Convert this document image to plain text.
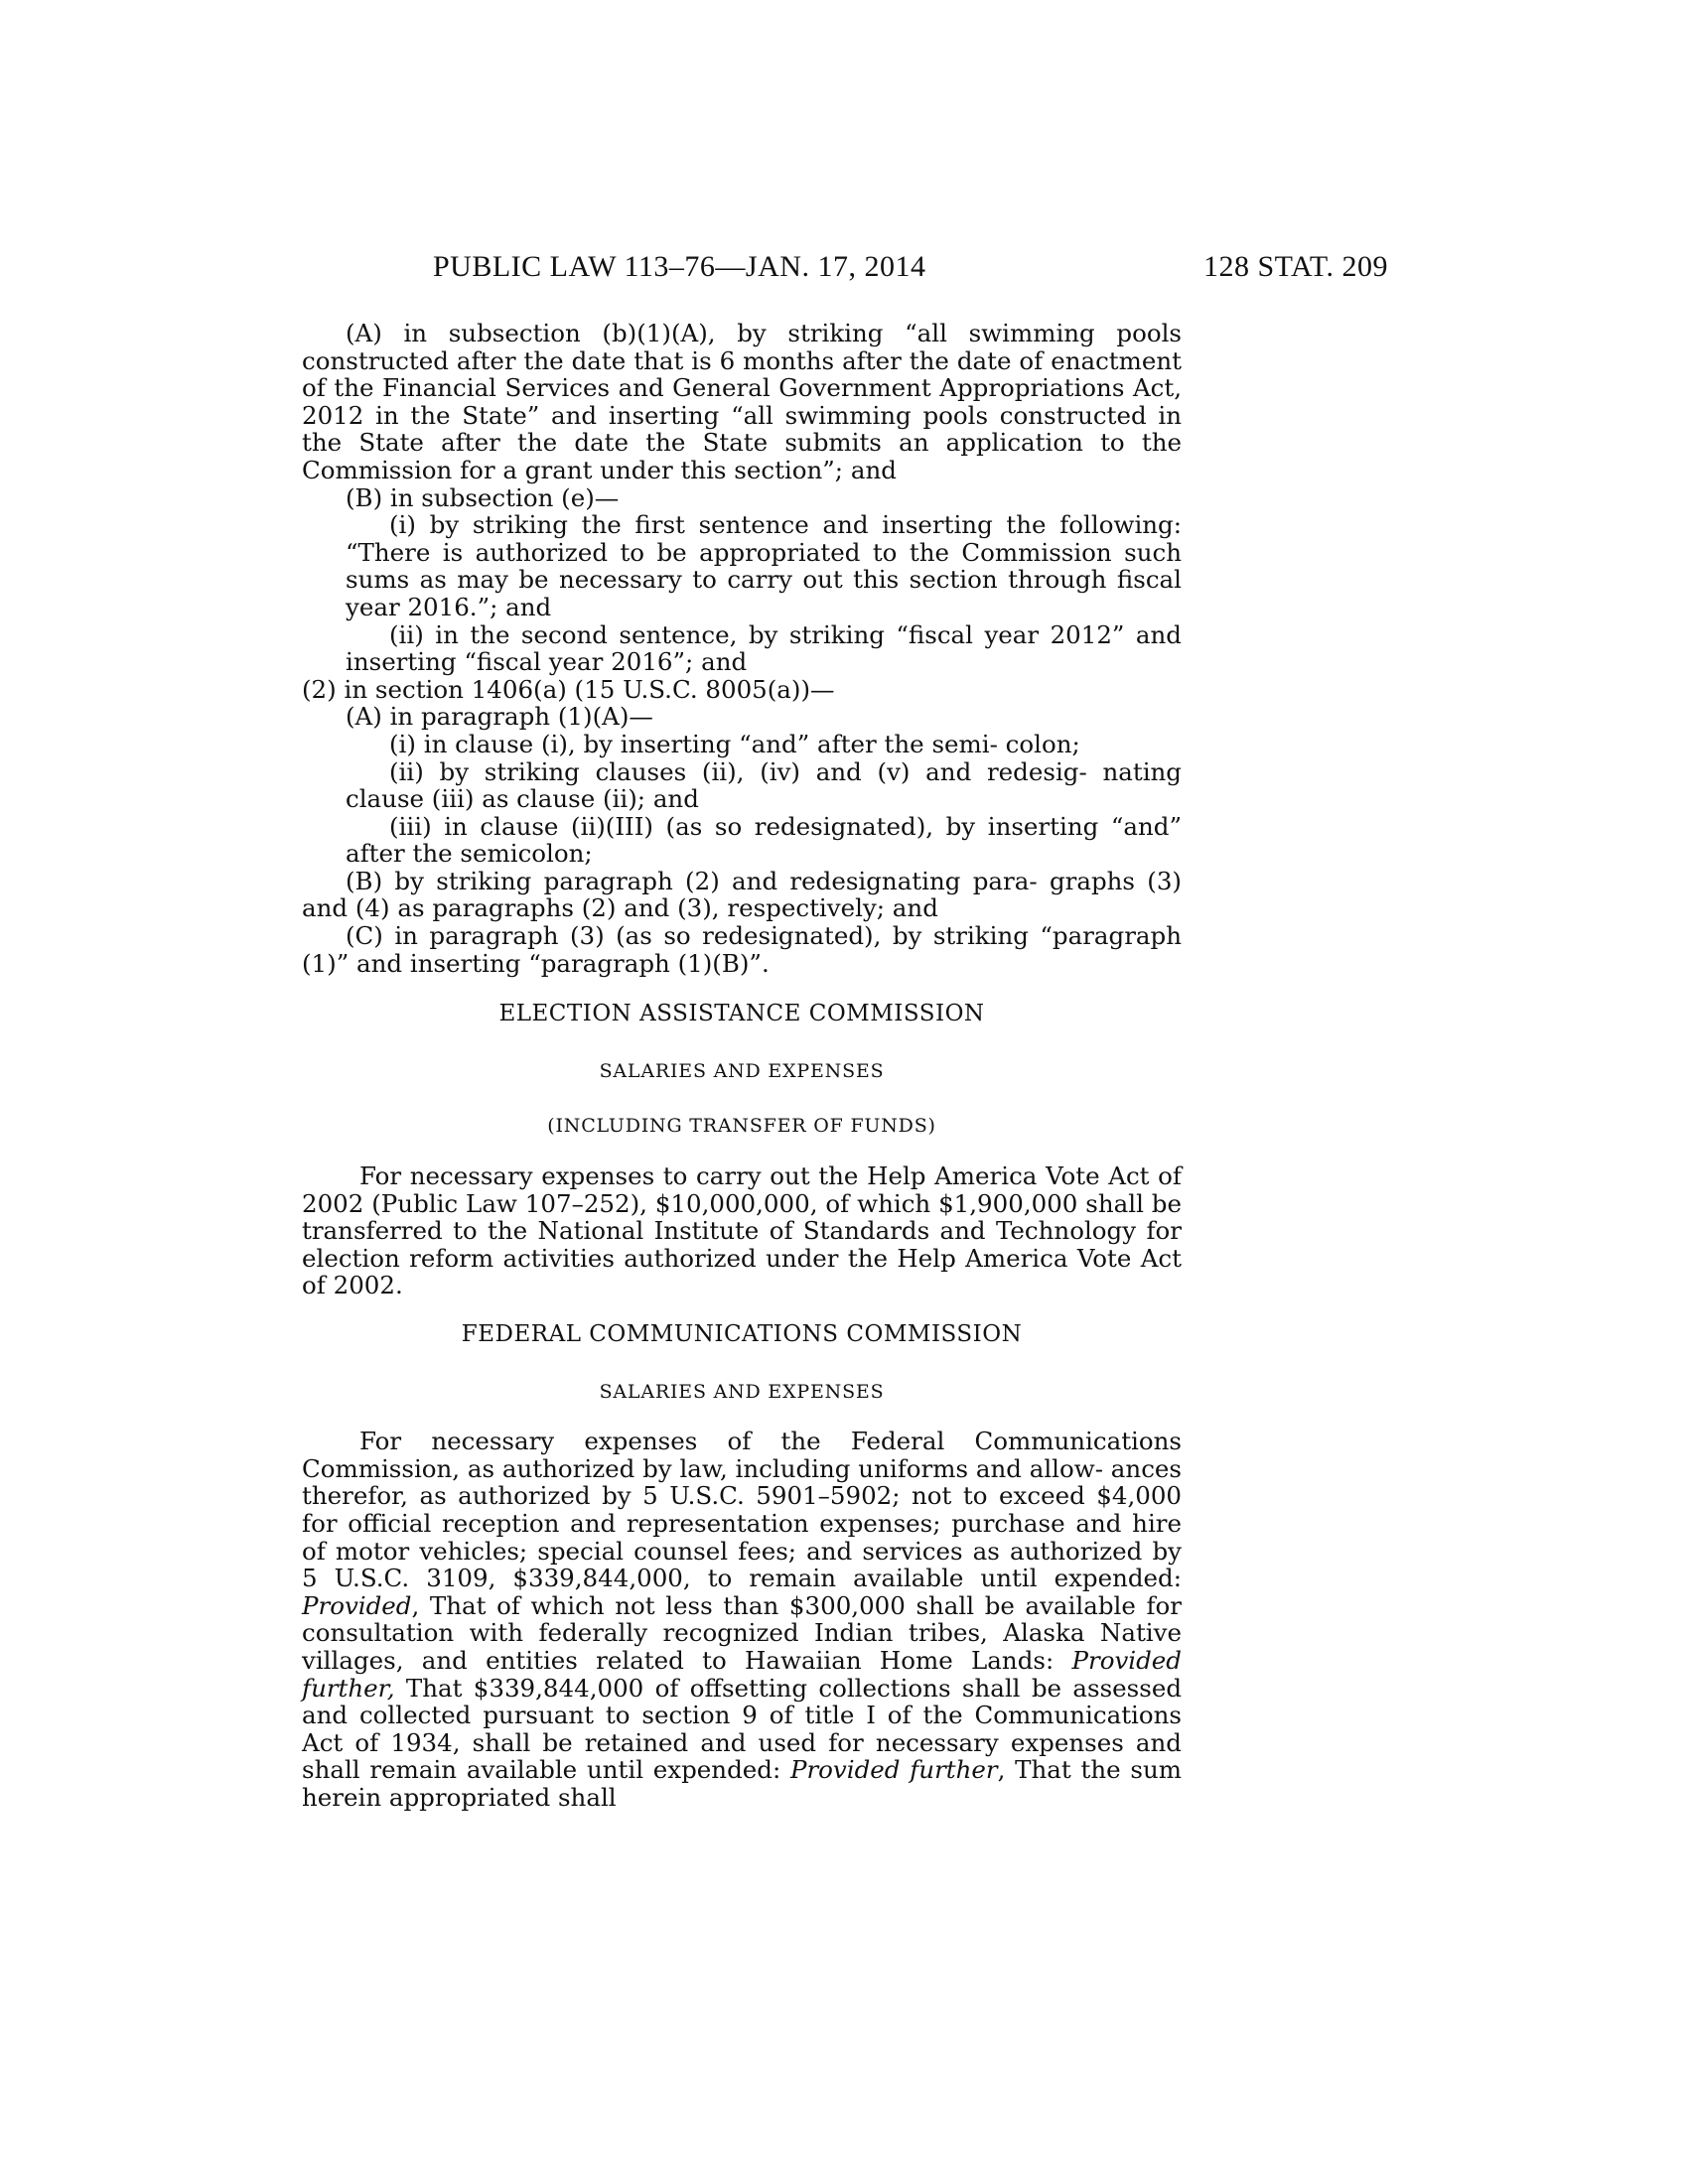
PUBLIC LAW 113–76—JAN. 17, 2014	128 STAT. 209

(A) in subsection (b)(1)(A), by striking “all swimming pools constructed after the date that is 6 months after the date of enactment of the Financial Services and General Government Appropriations Act, 2012 in the State” and inserting “all swimming pools constructed in the State after the date the State submits an application to the Commission for a grant under this section”; and

(B) in subsection (e)—

(i) by striking the first sentence and inserting the following: “There is authorized to be appropriated to the Commission such sums as may be necessary to carry out this section through fiscal year 2016.”; and

(ii) in the second sentence, by striking “fiscal year 2012” and inserting “fiscal year 2016”; and

(2) in section 1406(a) (15 U.S.C. 8005(a))—

(A) in paragraph (1)(A)—

(i) in clause (i), by inserting “and” after the semi- colon;

(ii) by striking clauses (ii), (iv) and (v) and redesig- nating clause (iii) as clause (ii); and

(iii) in clause (ii)(III) (as so redesignated), by inserting “and” after the semicolon;

(B) by striking paragraph (2) and redesignating para- graphs (3) and (4) as paragraphs (2) and (3), respectively; and

(C) in paragraph (3) (as so redesignated), by striking “paragraph (1)” and inserting “paragraph (1)(B)”.

ELECTION ASSISTANCE COMMISSION
SALARIES AND EXPENSES
(INCLUDING TRANSFER OF FUNDS)

For necessary expenses to carry out the Help America Vote Act of 2002 (Public Law 107–252), $10,000,000, of which $1,900,000 shall be transferred to the National Institute of Standards and Technology for election reform activities authorized under the Help America Vote Act of 2002.

FEDERAL COMMUNICATIONS COMMISSION
SALARIES AND EXPENSES

For necessary expenses of the Federal Communications Commission, as authorized by law, including uniforms and allow- ances therefor, as authorized by 5 U.S.C. 5901–5902; not to exceed $4,000 for official reception and representation expenses; purchase and hire of motor vehicles; special counsel fees; and services as authorized by 5 U.S.C. 3109, $339,844,000, to remain available until expended: Provided, That of which not less than $300,000 shall be available for consultation with federally recognized Indian tribes, Alaska Native villages, and entities related to Hawaiian Home Lands: Provided further, That $339,844,000 of offsetting collections shall be assessed and collected pursuant to section 9 of title I of the Communications Act of 1934, shall be retained and used for necessary expenses and shall remain available until expended: Provided further, That the sum herein appropriated shall
